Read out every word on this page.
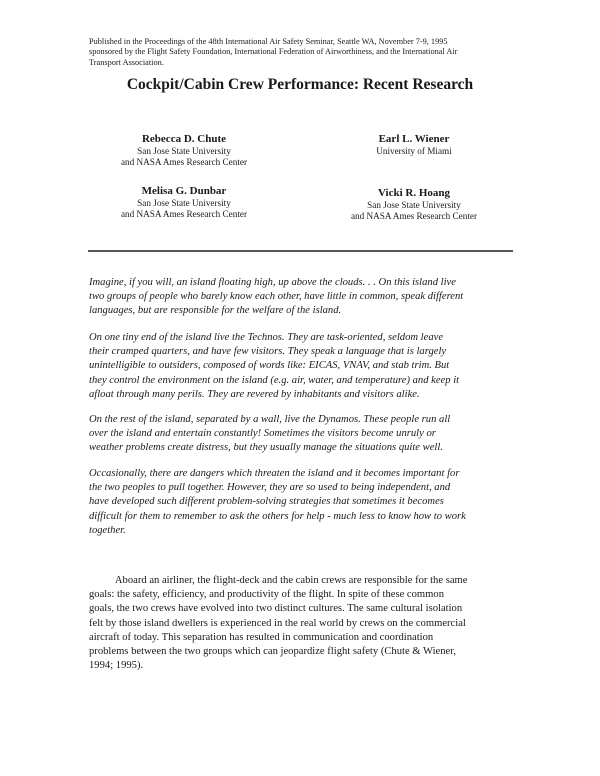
Published in the Proceedings of the 48th International Air Safety Seminar, Seattle WA, November 7-9, 1995
sponsored by the Flight Safety Foundation, International Federation of Airworthiness, and the International Air
Transport Association.
Cockpit/Cabin Crew Performance: Recent Research
Rebecca D. Chute
San Jose State University
and NASA Ames Research Center
Earl L. Wiener
University of Miami
Melisa G. Dunbar
San Jose State University
and NASA Ames Research Center
Vicki R. Hoang
San Jose State University
and NASA Ames Research Center
Imagine, if you will, an island floating high, up above the clouds. . . On this island live
two groups of people who barely know each other, have little in common, speak different
languages, but are responsible for the welfare of the island.
On one tiny end of the island live the Technos. They are task-oriented, seldom leave
their cramped quarters, and have few visitors. They speak a language that is largely
unintelligible to outsiders, composed of words like: EICAS, VNAV, and stab trim. But
they control the environment on the island (e.g. air, water, and temperature) and keep it
afloat through many perils. They are revered by inhabitants and visitors alike.
On the rest of the island, separated by a wall, live the Dynamos. These people run all
over the island and entertain constantly! Sometimes the visitors become unruly or
weather problems create distress, but they usually manage the situations quite well.
Occasionally, there are dangers which threaten the island and it becomes important for
the two peoples to pull together. However, they are so used to being independent, and
have developed such different problem-solving strategies that sometimes it becomes
difficult for them to remember to ask the others for help - much less to know how to work
together.
Aboard an airliner, the flight-deck and the cabin crews are responsible for the same
goals: the safety, efficiency, and productivity of the flight. In spite of these common
goals, the two crews have evolved into two distinct cultures. The same cultural isolation
felt by those island dwellers is experienced in the real world by crews on the commercial
aircraft of today. This separation has resulted in communication and coordination
problems between the two groups which can jeopardize flight safety (Chute & Wiener,
1994; 1995).
